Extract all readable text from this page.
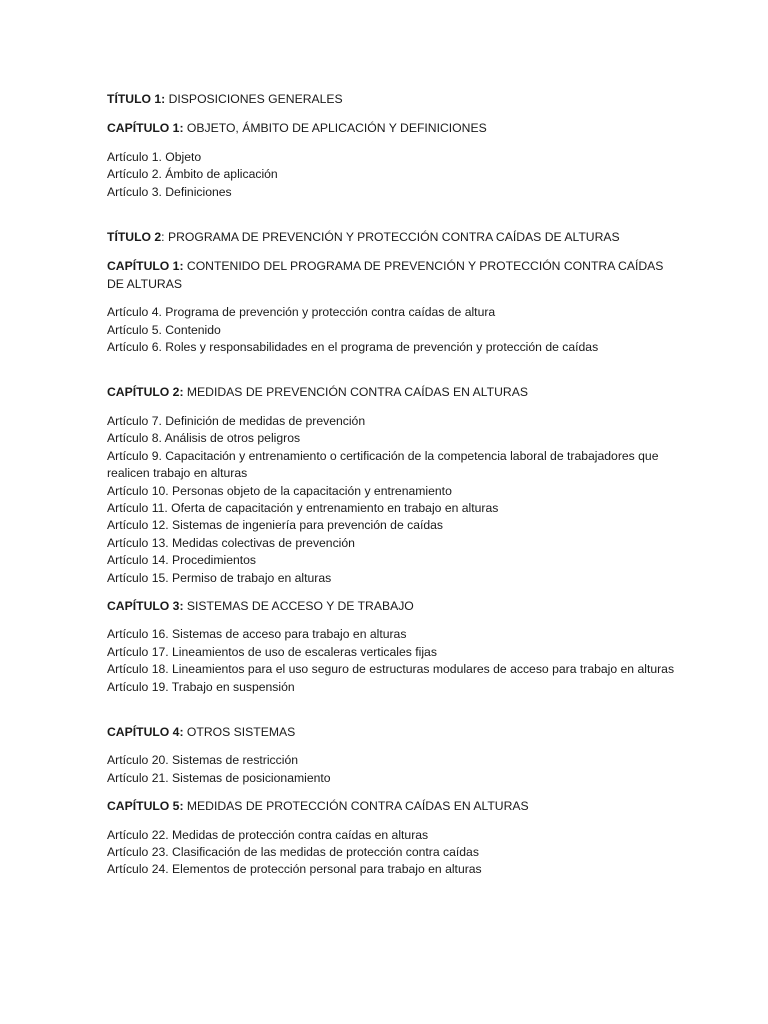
TÍTULO 1: DISPOSICIONES GENERALES

CAPÍTULO 1: OBJETO, ÁMBITO DE APLICACIÓN Y DEFINICIONES

Artículo 1. Objeto
Artículo 2. Ámbito de aplicación
Artículo 3. Definiciones

TÍTULO 2: PROGRAMA DE PREVENCIÓN Y PROTECCIÓN CONTRA CAÍDAS DE ALTURAS

CAPÍTULO 1: CONTENIDO DEL PROGRAMA DE PREVENCIÓN Y PROTECCIÓN CONTRA CAÍDAS DE ALTURAS

Artículo 4. Programa de prevención y protección contra caídas de altura
Artículo 5. Contenido
Artículo 6. Roles y responsabilidades en el programa de prevención y protección de caídas

CAPÍTULO 2: MEDIDAS DE PREVENCIÓN CONTRA CAÍDAS EN ALTURAS

Artículo 7. Definición de medidas de prevención
Artículo 8. Análisis de otros peligros
Artículo 9. Capacitación y entrenamiento o certificación de la competencia laboral de trabajadores que realicen trabajo en alturas
Artículo 10. Personas objeto de la capacitación y entrenamiento
Artículo 11. Oferta de capacitación y entrenamiento en trabajo en alturas
Artículo 12. Sistemas de ingeniería para prevención de caídas
Artículo 13. Medidas colectivas de prevención
Artículo 14. Procedimientos
Artículo 15. Permiso de trabajo en alturas

CAPÍTULO 3: SISTEMAS DE ACCESO Y DE TRABAJO

Artículo 16. Sistemas de acceso para trabajo en alturas
Artículo 17. Lineamientos de uso de escaleras verticales fijas
Artículo 18. Lineamientos para el uso seguro de estructuras modulares de acceso para trabajo en alturas
Artículo 19. Trabajo en suspensión

CAPÍTULO 4: OTROS SISTEMAS

Artículo 20. Sistemas de restricción
Artículo 21. Sistemas de posicionamiento

CAPÍTULO 5: MEDIDAS DE PROTECCIÓN CONTRA CAÍDAS EN ALTURAS

Artículo 22. Medidas de protección contra caídas en alturas
Artículo 23. Clasificación de las medidas de protección contra caídas
Artículo 24. Elementos de protección personal para trabajo en alturas
